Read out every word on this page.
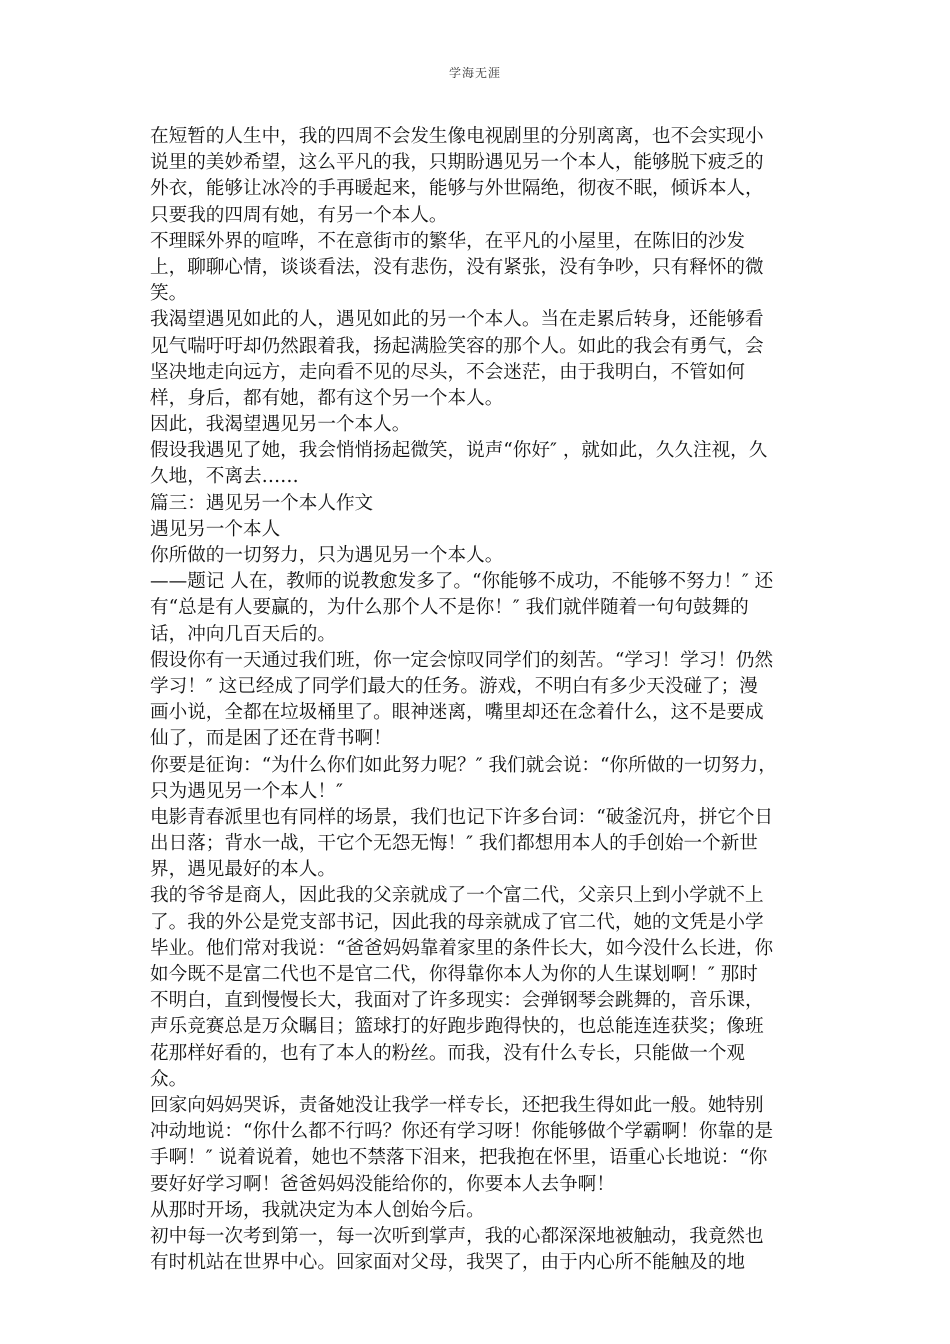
学海无涯
在短暂的人生中，我的四周不会发生像电视剧里的分别离离，也不会实现小
说里的美妙希望，这么平凡的我，只期盼遇见另一个本人，能够脱下疲乏的
外衣，能够让冰冷的手再暖起来，能够与外世隔绝，彻夜不眠，倾诉本人，
只要我的四周有她，有另一个本人。
不理睬外界的喧哗，不在意街市的繁华，在平凡的小屋里，在陈旧的沙发
上，聊聊心情，谈谈看法，没有悲伤，没有紧张，没有争吵，只有释怀的微
笑。
我渴望遇见如此的人，遇见如此的另一个本人。当在走累后转身，还能够看
见气喘吁吁却仍然跟着我，扬起满脸笑容的那个人。如此的我会有勇气，会
坚决地走向远方，走向看不见的尽头，不会迷茫，由于我明白，不管如何
样，身后，都有她，都有这个另一个本人。
因此，我渴望遇见另一个本人。
假设我遇见了她，我会悄悄扬起微笑，说声“你好″ ，就如此，久久注视，久
久地，不离去……
篇三：遇见另一个本人作文
遇见另一个本人
你所做的一切努力，只为遇见另一个本人。
——题记 人在，教师的说教愈发多了。“你能够不成功，不能够不努力！″ 还
有“总是有人要赢的，为什么那个人不是你！″ 我们就伴随着一句句鼓舞的
话，冲向几百天后的。
假设你有一天通过我们班，你一定会惊叹同学们的刻苦。“学习！学习！仍然
学习！″ 这已经成了同学们最大的任务。游戏，不明白有多少天没碰了；漫
画小说，全都在垃圾桶里了。眼神迷离，嘴里却还在念着什么，这不是要成
仙了，而是困了还在背书啊！
你要是征询：“为什么你们如此努力呢？″ 我们就会说：“你所做的一切努力，
只为遇见另一个本人！″
电影青春派里也有同样的场景，我们也记下许多台词：“破釜沉舟，拼它个日
出日落；背水一战，干它个无怨无悔！″ 我们都想用本人的手创始一个新世
界，遇见最好的本人。
我的爷爷是商人，因此我的父亲就成了一个富二代，父亲只上到小学就不上
了。我的外公是党支部书记，因此我的母亲就成了官二代，她的文凭是小学
毕业。他们常对我说：“爸爸妈妈靠着家里的条件长大，如今没什么长进，你
如今既不是富二代也不是官二代，你得靠你本人为你的人生谋划啊！″ 那时
不明白，直到慢慢长大，我面对了许多现实：会弹钢琴会跳舞的，音乐课，
声乐竞赛总是万众瞩目；篮球打的好跑步跑得快的，也总能连连获奖；像班
花那样好看的，也有了本人的粉丝。而我，没有什么专长，只能做一个观
众。
回家向妈妈哭诉，责备她没让我学一样专长，还把我生得如此一般。她特别
冲动地说：“你什么都不行吗？你还有学习呀！你能够做个学霸啊！你靠的是
手啊！″ 说着说着，她也不禁落下泪来，把我抱在怀里，语重心长地说：“你
要好好学习啊！爸爸妈妈没能给你的，你要本人去争啊！
从那时开场，我就决定为本人创始今后。
初中每一次考到第一，每一次听到掌声，我的心都深深地被触动，我竟然也
有时机站在世界中心。回家面对父母，我哭了，由于内心所不能触及的地
